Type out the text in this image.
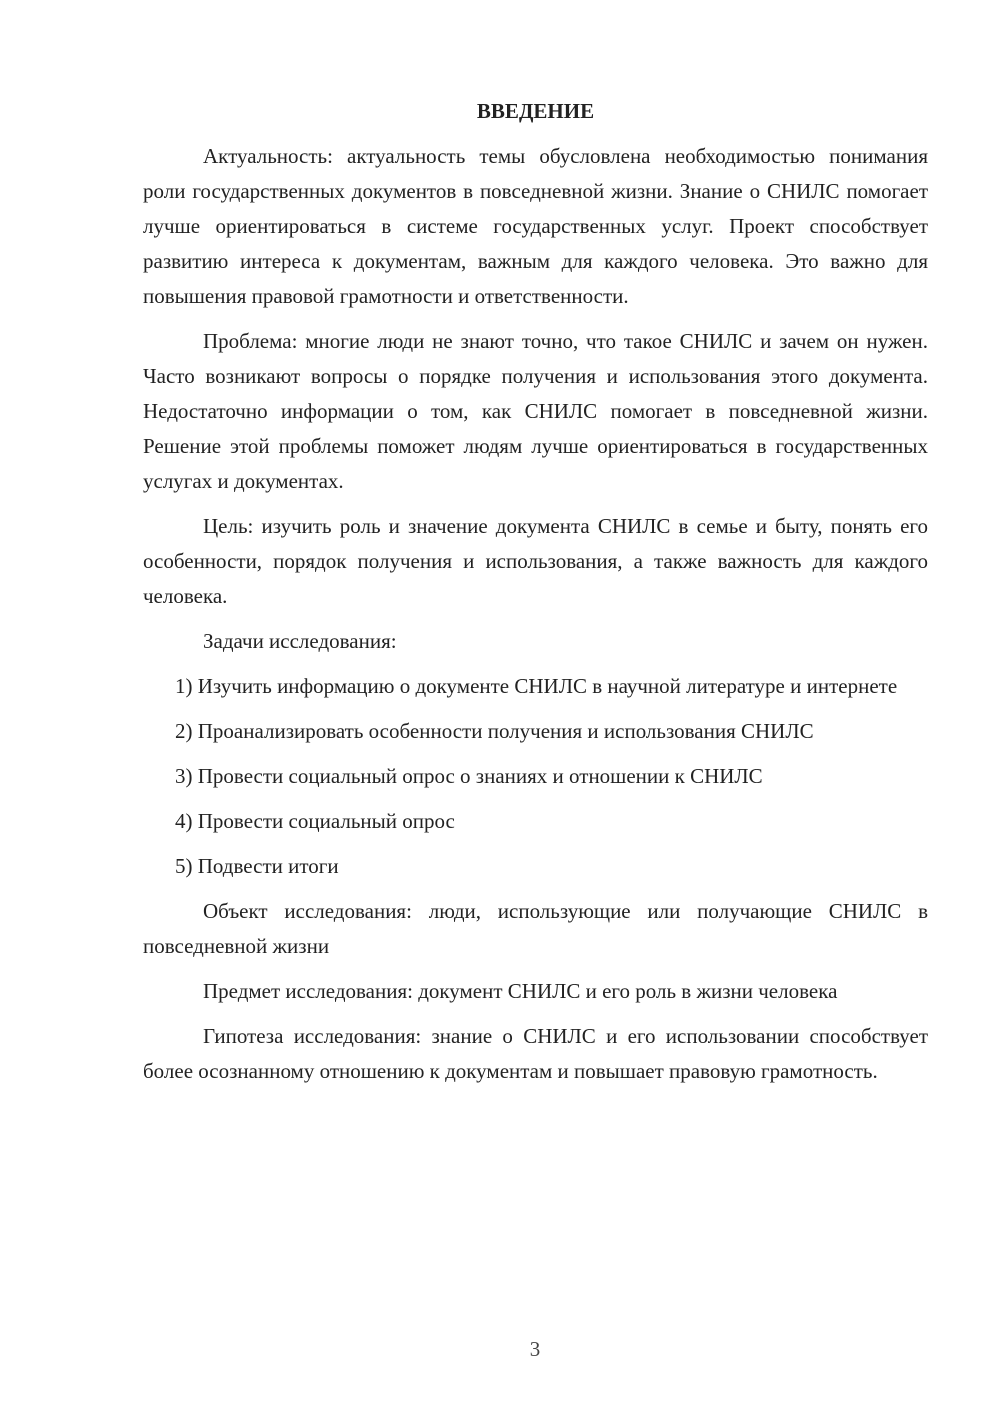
ВВЕДЕНИЕ

Актуальность: актуальность темы обусловлена необходимостью понимания роли государственных документов в повседневной жизни. Знание о СНИЛС помогает лучше ориентироваться в системе государственных услуг. Проект способствует развитию интереса к документам, важным для каждого человека. Это важно для повышения правовой грамотности и ответственности.

Проблема: многие люди не знают точно, что такое СНИЛС и зачем он нужен. Часто возникают вопросы о порядке получения и использования этого документа. Недостаточно информации о том, как СНИЛС помогает в повседневной жизни. Решение этой проблемы поможет людям лучше ориентироваться в государственных услугах и документах.

Цель: изучить роль и значение документа СНИЛС в семье и быту, понять его особенности, порядок получения и использования, а также важность для каждого человека.

Задачи исследования:

1) Изучить информацию о документе СНИЛС в научной литературе и интернете

2) Проанализировать особенности получения и использования СНИЛС

3) Провести социальный опрос о знаниях и отношении к СНИЛС

4) Провести социальный опрос

5) Подвести итоги

Объект исследования: люди, использующие или получающие СНИЛС в повседневной жизни

Предмет исследования: документ СНИЛС и его роль в жизни человека

Гипотеза исследования: знание о СНИЛС и его использовании способствует более осознанному отношению к документам и повышает правовую грамотность.

3
